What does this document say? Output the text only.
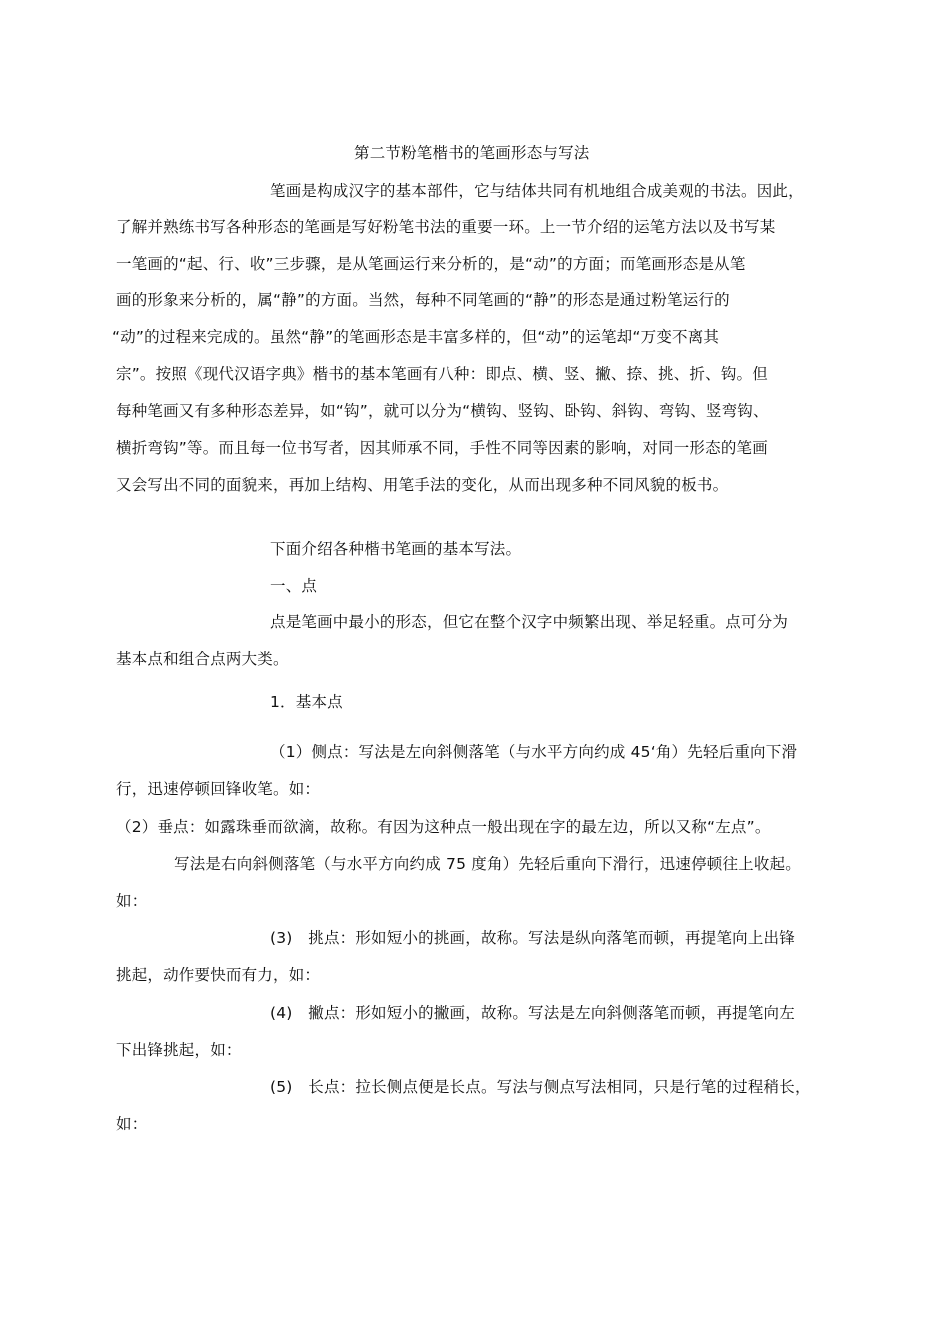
第二节粉笔楷书的笔画形态与写法

笔画是构成汉字的基本部件，它与结体共同有机地组合成美观的书法。因此，

了解并熟练书写各种形态的笔画是写好粉笔书法的重要一环。上一节介绍的运笔方法以及书写某

一笔画的“起、行、收”三步骤，是从笔画运行来分析的，是“动”的方面；而笔画形态是从笔

画的形象来分析的，属“静”的方面。当然，每种不同笔画的“静”的形态是通过粉笔运行的

“动”的过程来完成的。虽然“静”的笔画形态是丰富多样的，但“动”的运笔却“万变不离其

宗”。按照《现代汉语字典》楷书的基本笔画有八种：即点、横、竖、撇、捺、挑、折、钩。但

每种笔画又有多种形态差异，如“钩”，就可以分为“横钩、竖钩、卧钩、斜钩、弯钩、竖弯钩、

横折弯钩”等。而且每一位书写者，因其师承不同，手性不同等因素的影响，对同一形态的笔画

又会写出不同的面貌来，再加上结构、用笔手法的变化，从而出现多种不同风貌的板书。

下面介绍各种楷书笔画的基本写法。

一、点

点是笔画中最小的形态，但它在整个汉字中频繁出现、举足轻重。点可分为

基本点和组合点两大类。

1．基本点

（1）侧点：写法是左向斜侧落笔（与水平方向约成 45‘角）先轻后重向下滑

行，迅速停顿回锋收笔。如：

（2）垂点：如露珠垂而欲滴，故称。有因为这种点一般出现在字的最左边，所以又称“左点”。

写法是右向斜侧落笔（与水平方向约成 75 度角）先轻后重向下滑行，迅速停顿往上收起。

如：

(3)　挑点：形如短小的挑画，故称。写法是纵向落笔而顿，再提笔向上出锋

挑起，动作要快而有力，如：

(4)　撇点：形如短小的撇画，故称。写法是左向斜侧落笔而顿，再提笔向左

下出锋挑起，如：

(5)　长点：拉长侧点便是长点。写法与侧点写法相同，只是行笔的过程稍长，

如：
